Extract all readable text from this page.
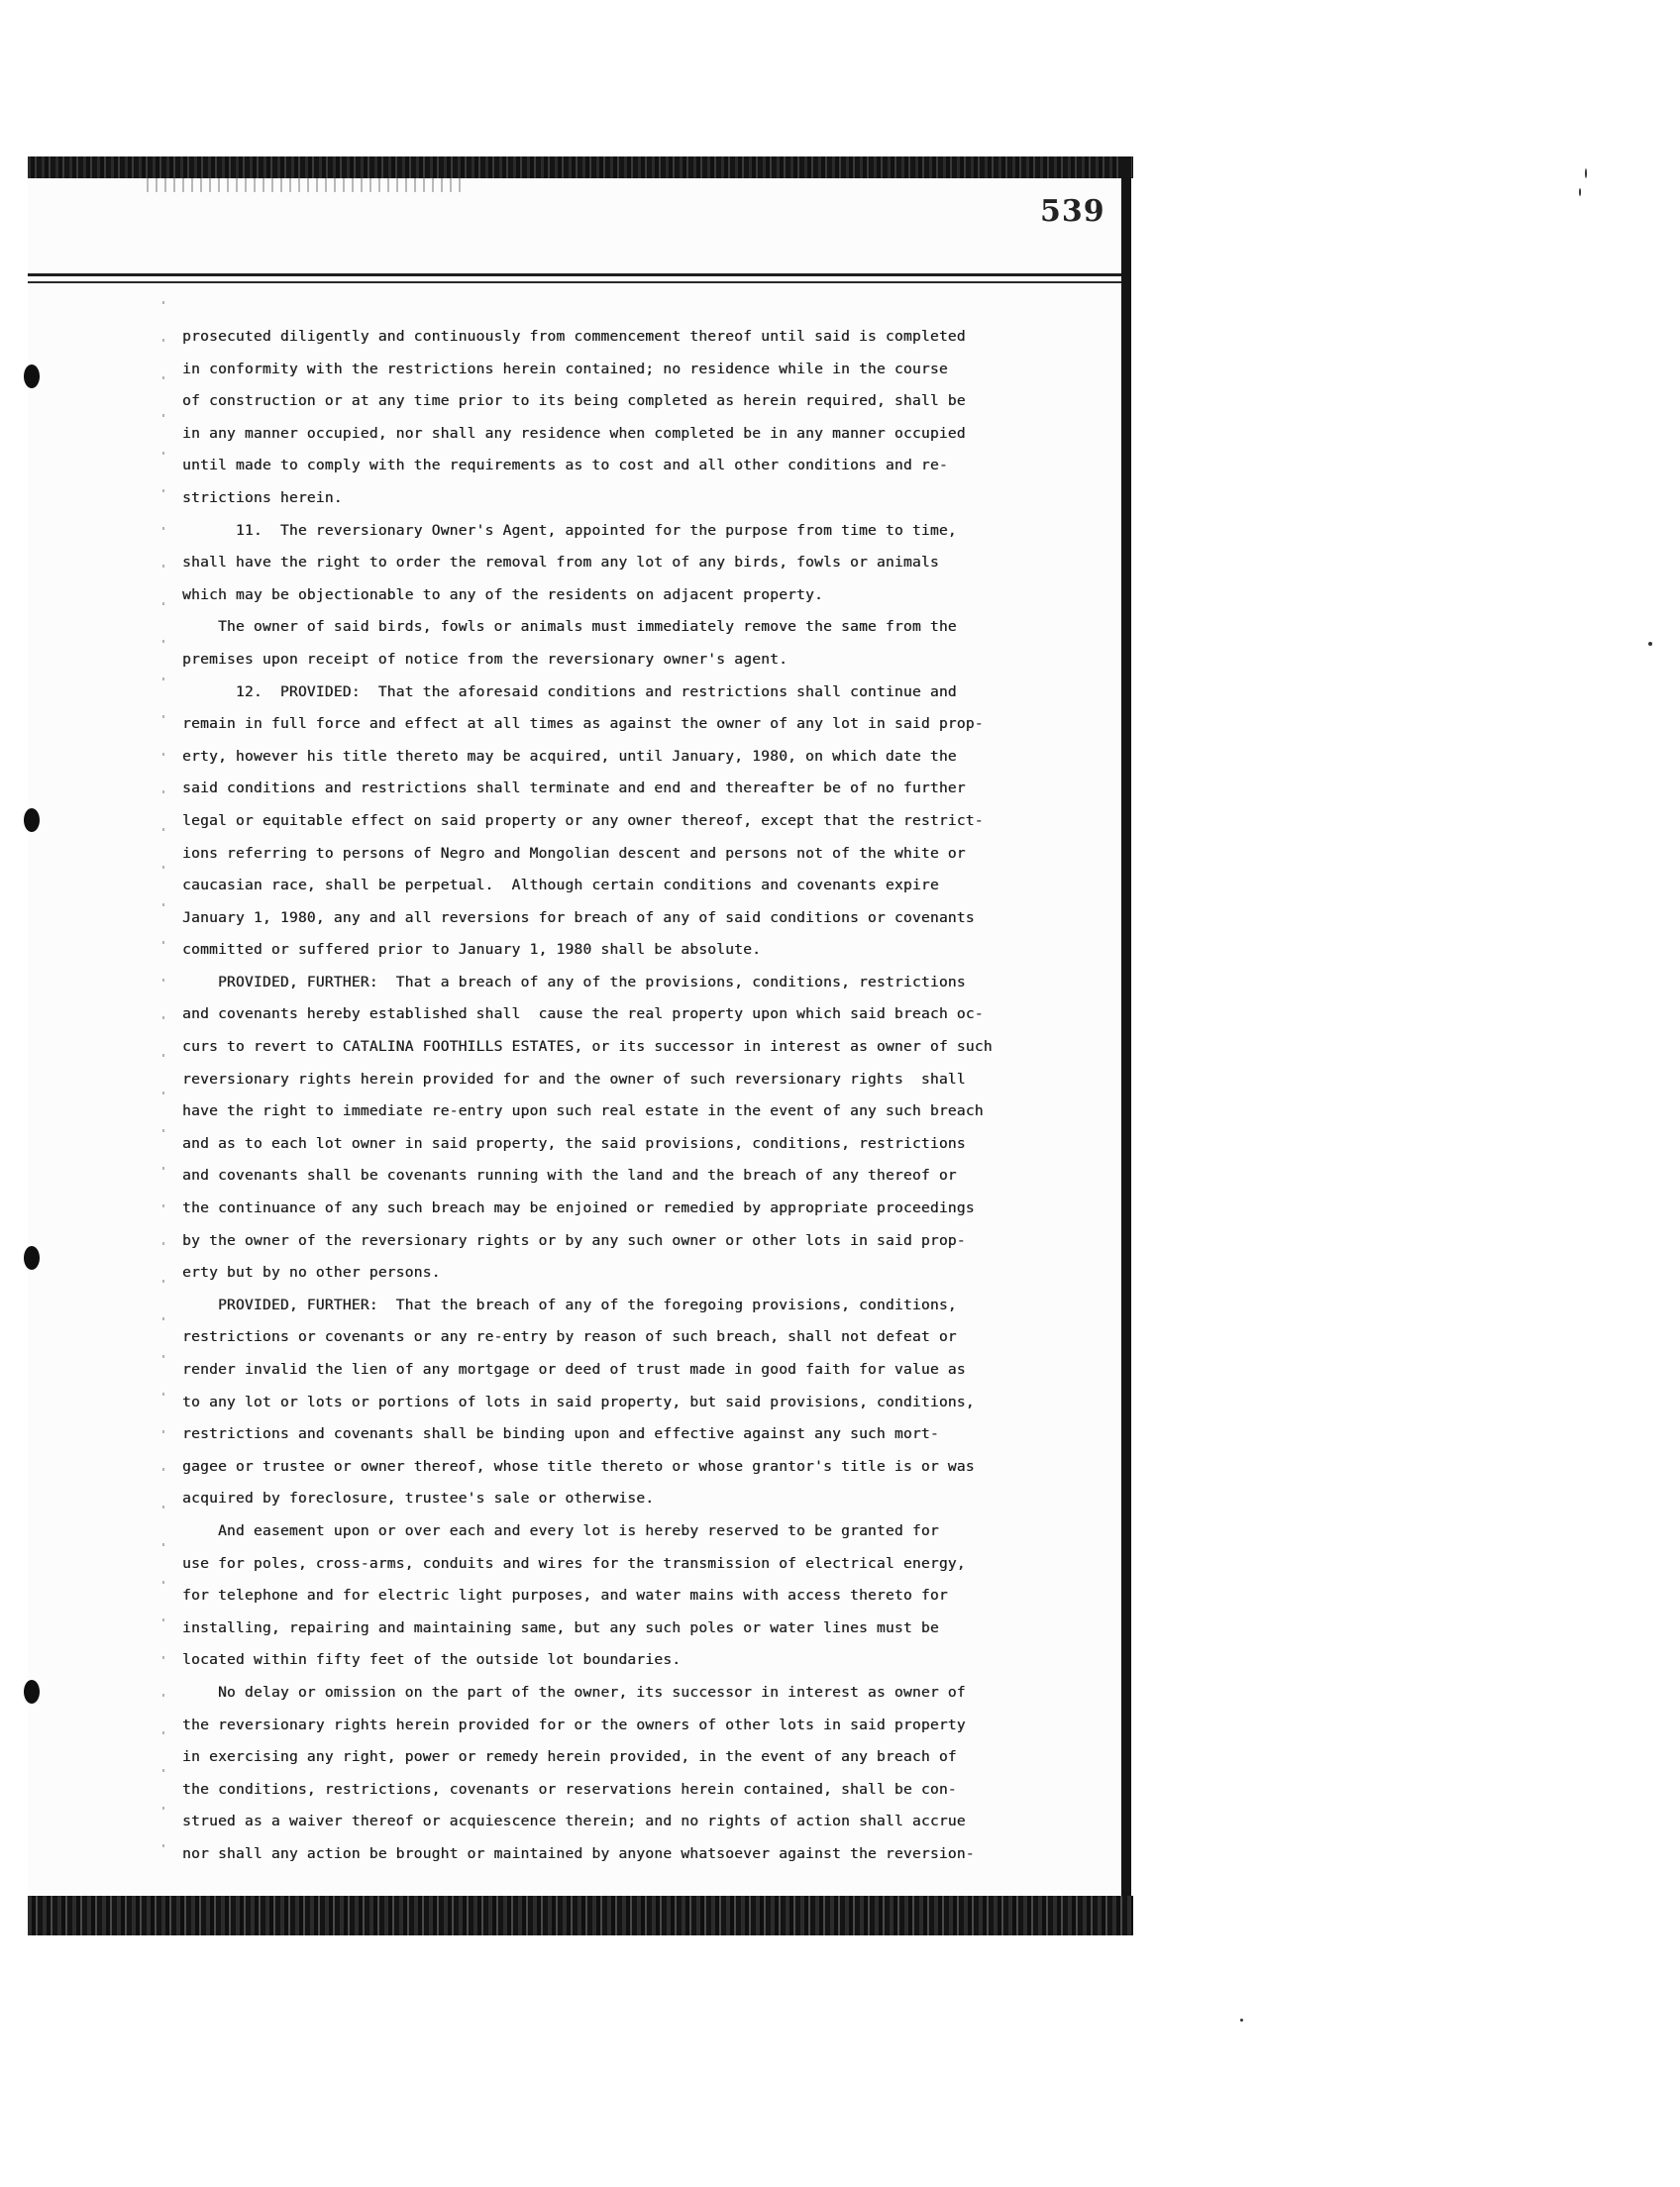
539
prosecuted diligently and continuously from commencement thereof until said is completed
in conformity with the restrictions herein contained; no residence while in the course
of construction or at any time prior to its being completed as herein required, shall be
in any manner occupied, nor shall any residence when completed be in any manner occupied
until made to comply with the requirements as to cost and all other conditions and re-
strictions herein.
11.  The reversionary Owner's Agent, appointed for the purpose from time to time,
shall have the right to order the removal from any lot of any birds, fowls or animals
which may be objectionable to any of the residents on adjacent property.
The owner of said birds, fowls or animals must immediately remove the same from the
premises upon receipt of notice from the reversionary owner's agent.
12.  PROVIDED:  That the aforesaid conditions and restrictions shall continue and
remain in full force and effect at all times as against the owner of any lot in said prop-
erty, however his title thereto may be acquired, until January, 1980, on which date the
said conditions and restrictions shall terminate and end and thereafter be of no further
legal or equitable effect on said property or any owner thereof, except that the restrict-
ions referring to persons of Negro and Mongolian descent and persons not of the white or
caucasian race, shall be perpetual.  Although certain conditions and covenants expire
January 1, 1980, any and all reversions for breach of any of said conditions or covenants
committed or suffered prior to January 1, 1980 shall be absolute.
PROVIDED, FURTHER:  That a breach of any of the provisions, conditions, restrictions
and covenants hereby established shall  cause the real property upon which said breach oc-
curs to revert to CATALINA FOOTHILLS ESTATES, or its successor in interest as owner of such
reversionary rights herein provided for and the owner of such reversionary rights  shall
have the right to immediate re-entry upon such real estate in the event of any such breach
and as to each lot owner in said property, the said provisions, conditions, restrictions
and covenants shall be covenants running with the land and the breach of any thereof or
the continuance of any such breach may be enjoined or remedied by appropriate proceedings
by the owner of the reversionary rights or by any such owner or other lots in said prop-
erty but by no other persons.
PROVIDED, FURTHER:  That the breach of any of the foregoing provisions, conditions,
restrictions or covenants or any re-entry by reason of such breach, shall not defeat or
render invalid the lien of any mortgage or deed of trust made in good faith for value as
to any lot or lots or portions of lots in said property, but said provisions, conditions,
restrictions and covenants shall be binding upon and effective against any such mort-
gagee or trustee or owner thereof, whose title thereto or whose grantor's title is or was
acquired by foreclosure, trustee's sale or otherwise.
And easement upon or over each and every lot is hereby reserved to be granted for
use for poles, cross-arms, conduits and wires for the transmission of electrical energy,
for telephone and for electric light purposes, and water mains with access thereto for
installing, repairing and maintaining same, but any such poles or water lines must be
located within fifty feet of the outside lot boundaries.
No delay or omission on the part of the owner, its successor in interest as owner of
the reversionary rights herein provided for or the owners of other lots in said property
in exercising any right, power or remedy herein provided, in the event of any breach of
the conditions, restrictions, covenants or reservations herein contained, shall be con-
strued as a waiver thereof or acquiescence therein; and no rights of action shall accrue
nor shall any action be brought or maintained by anyone whatsoever against the reversion-
